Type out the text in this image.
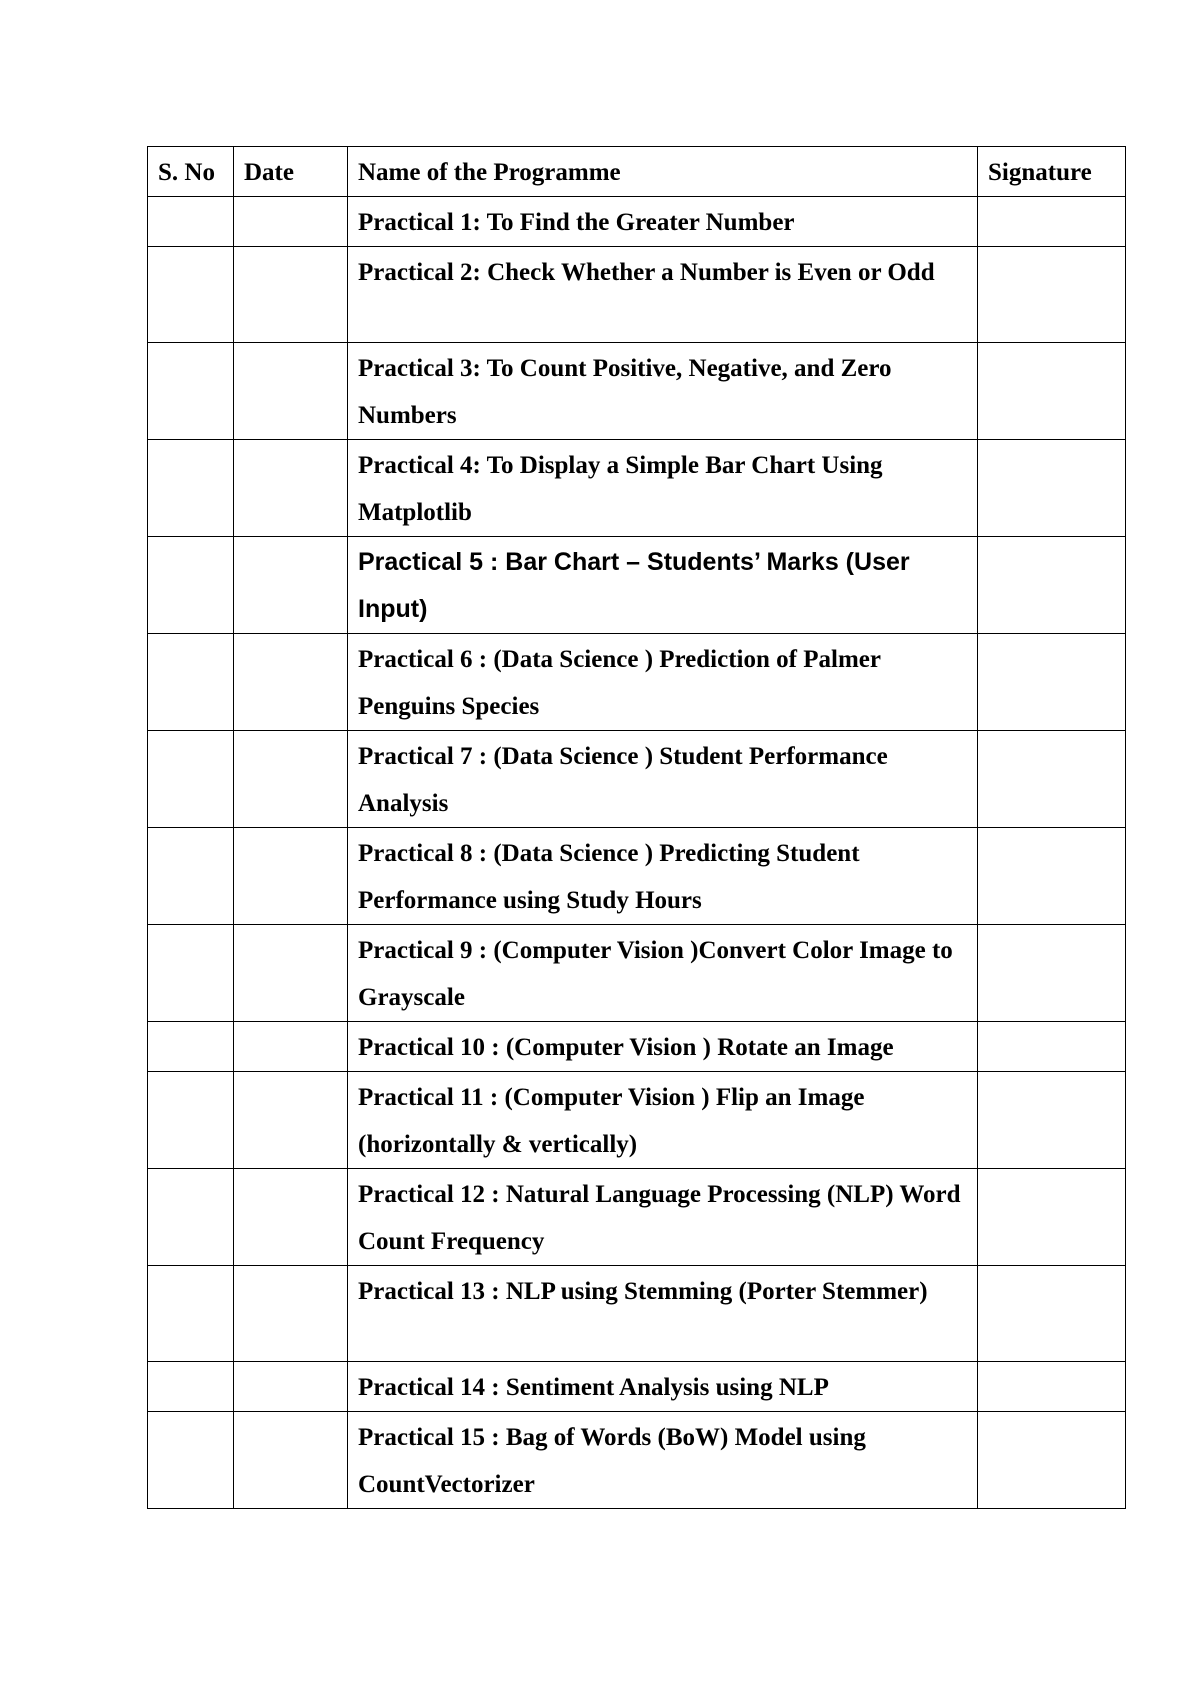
S. No	Date	Name of the Programme	Signature
		Practical 1: To Find the Greater Number	
		Practical 2: Check Whether a Number is Even or Odd	
		Practical 3: To Count Positive, Negative, and Zero Numbers	
		Practical 4: To Display a Simple Bar Chart Using Matplotlib	
		Practical 5 : Bar Chart – Students’ Marks (User Input)	
		Practical 6 : (Data Science ) Prediction of Palmer Penguins Species	
		Practical 7 : (Data Science ) Student Performance Analysis	
		Practical 8 : (Data Science ) Predicting Student Performance using Study Hours	
		Practical 9 : (Computer Vision )Convert Color Image to Grayscale	
		Practical 10 : (Computer Vision ) Rotate an Image	
		Practical 11 : (Computer Vision ) Flip an Image (horizontally & vertically)	
		Practical 12 : Natural Language Processing (NLP) Word Count Frequency	
		Practical 13 : NLP using Stemming (Porter Stemmer)	
		Practical 14 : Sentiment Analysis using NLP	
		Practical 15 : Bag of Words (BoW) Model using CountVectorizer	
